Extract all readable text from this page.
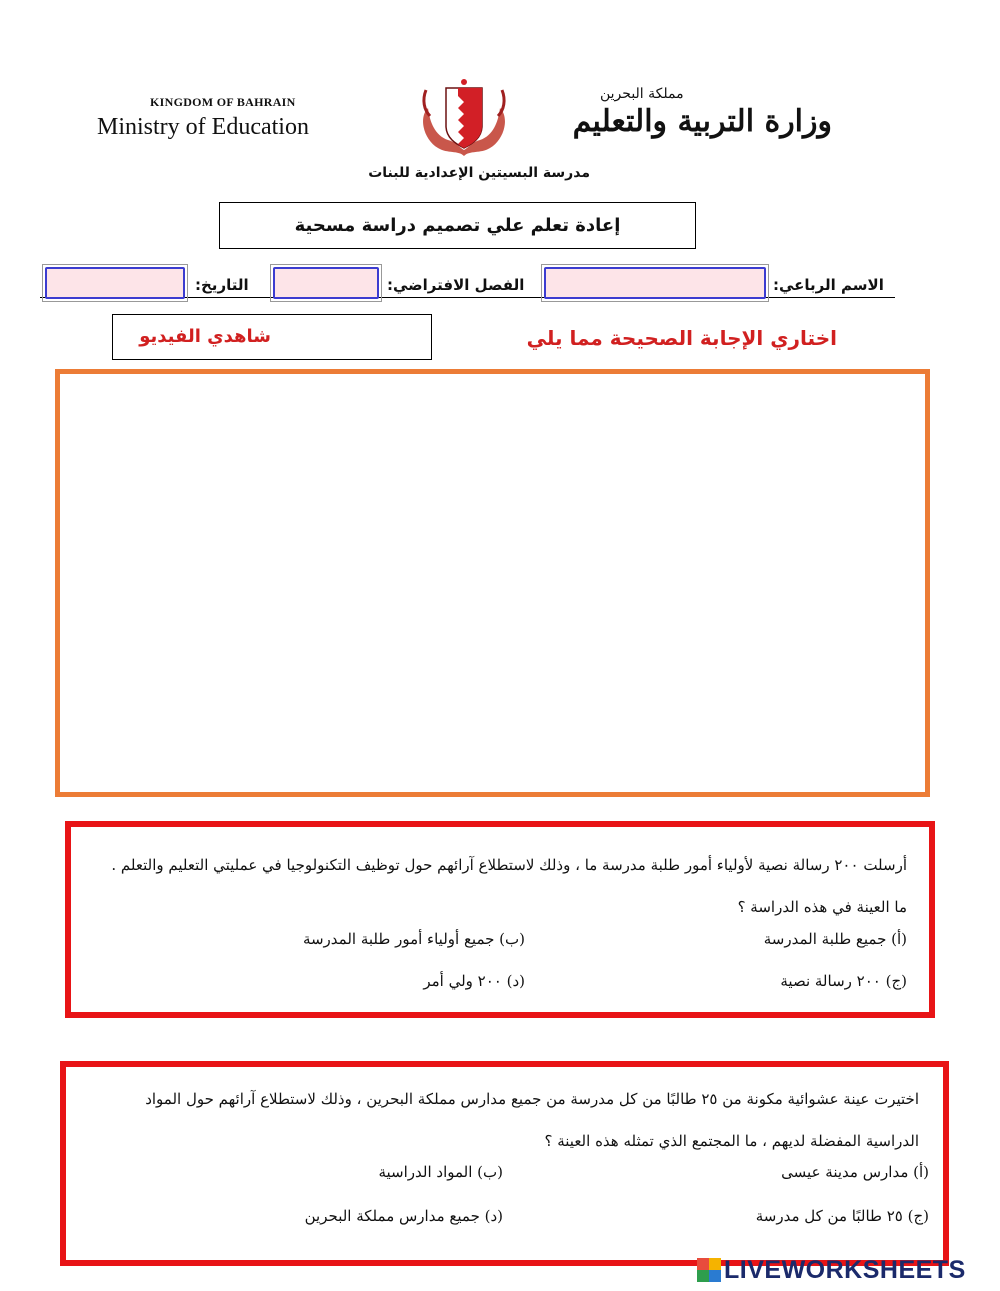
KINGDOM OF BAHRAIN
Ministry of Education
مملكة البحرين
وزارة التربية والتعليم
مدرسة البسيتين الإعدادية للبنات
إعادة تعلم علي تصميم دراسة مسحية
الاسم الرباعي:
الفصل الافتراضي:
التاريخ:
شاهدي الفيديو	اختاري الإجابة الصحيحة مما يلي
أرسلت ٢٠٠ رسالة نصية لأولياء أمور طلبة مدرسة ما ، وذلك لاستطلاع آرائهم حول توظيف التكنولوجيا في عمليتي التعليم والتعلم . ما العينة في هذه الدراسة ؟
(أ) جميع طلبة المدرسة
(ب) جميع أولياء أمور طلبة المدرسة
(ج) ٢٠٠ رسالة نصية
(د) ٢٠٠ ولي أمر
اختيرت عينة عشوائية مكونة من ٢٥ طالبًا من كل مدرسة من جميع مدارس مملكة البحرين ، وذلك لاستطلاع آرائهم حول المواد الدراسية المفضلة لديهم ، ما المجتمع الذي تمثله هذه العينة ؟
(أ) مدارس مدينة عيسى
(ب) المواد الدراسية
(ج) ٢٥ طالبًا من كل مدرسة
(د) جميع مدارس مملكة البحرين
LIVEWORKSHEETS
